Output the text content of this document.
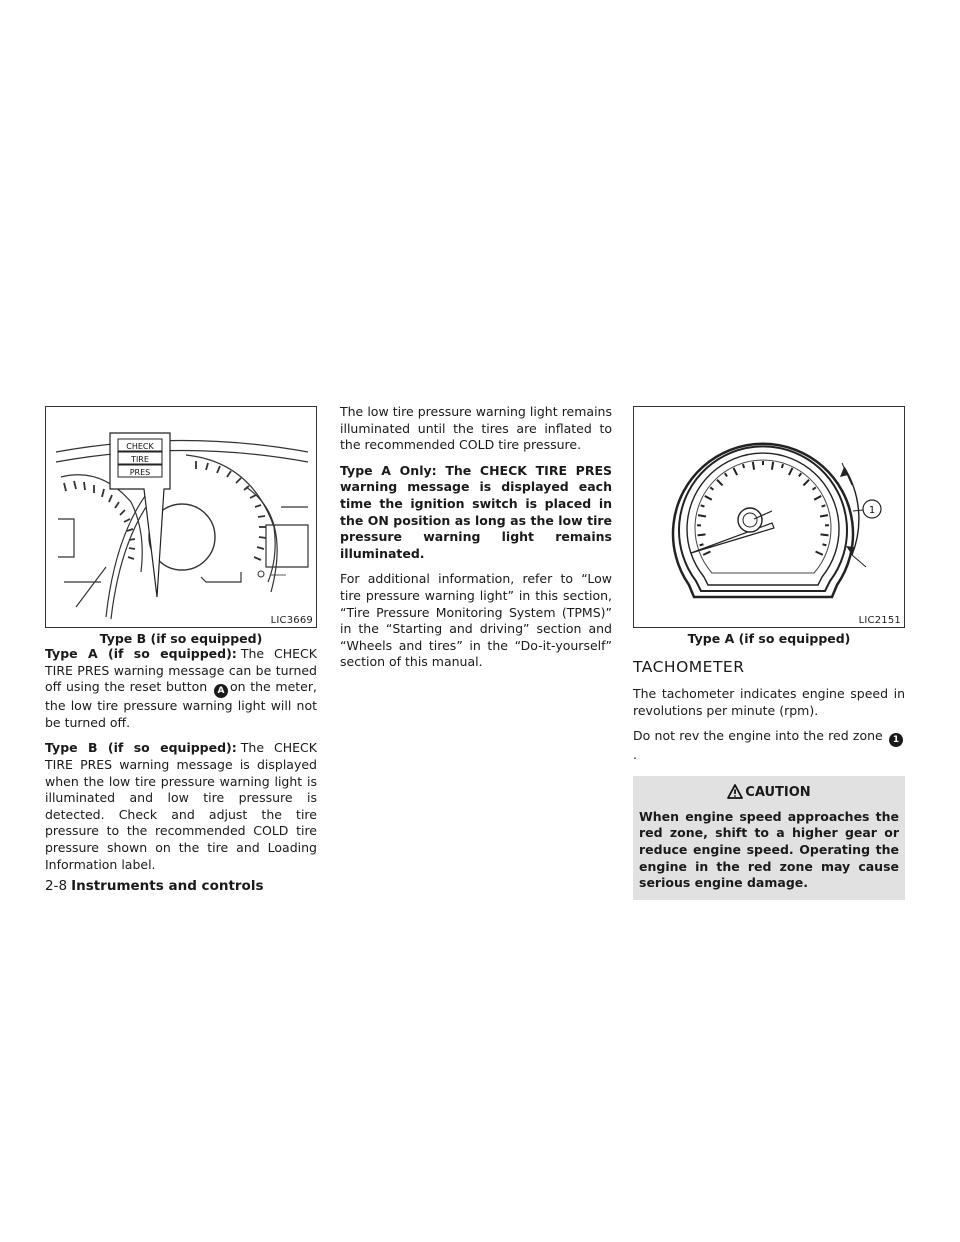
CHECK
TIRE
PRES
LIC3669
Type B (if so equipped)

Type A (if so equipped): The CHECK TIRE PRES warning message can be turned off using the reset button A on the meter, the low tire pressure warning light will not be turned off.

Type B (if so equipped): The CHECK TIRE PRES warning message is displayed when the low tire pressure warning light is illuminated and low tire pressure is detected. Check and adjust the tire pressure to the recommended COLD tire pressure shown on the tire and Loading Information label.

The low tire pressure warning light remains illuminated until the tires are inflated to the recommended COLD tire pressure.

Type A Only: The CHECK TIRE PRES warning message is displayed each time the ignition switch is placed in the ON position as long as the low tire pressure warning light remains illuminated.

For additional information, refer to “Low tire pressure warning light” in this section, “Tire Pressure Monitoring System (TPMS)” in the “Starting and driving” section and “Wheels and tires” in the “Do-it-yourself” section of this manual.

1
LIC2151
Type A (if so equipped)
TACHOMETER

The tachometer indicates engine speed in revolutions per minute (rpm).

Do not rev the engine into the red zone 1.

CAUTION

When engine speed approaches the red zone, shift to a higher gear or reduce engine speed. Operating the engine in the red zone may cause serious engine damage.

2-8 Instruments and controls
